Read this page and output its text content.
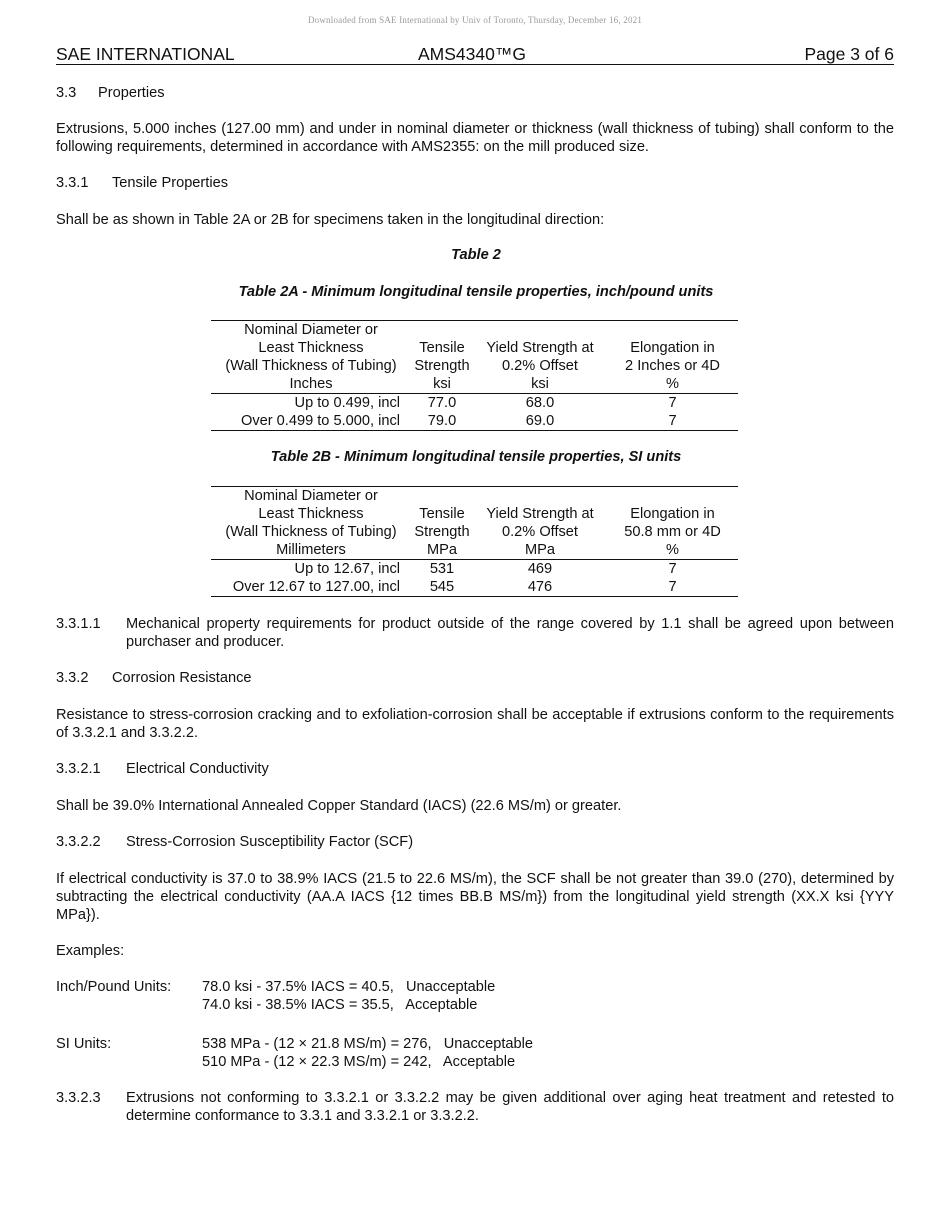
Downloaded from SAE International by Univ of Toronto, Thursday, December 16, 2021
SAE INTERNATIONAL	AMS4340™G	Page 3 of 6
3.3 Properties
Extrusions, 5.000 inches (127.00 mm) and under in nominal diameter or thickness (wall thickness of tubing) shall conform to the following requirements, determined in accordance with AMS2355: on the mill produced size.
3.3.1 Tensile Properties
Shall be as shown in Table 2A or 2B for specimens taken in the longitudinal direction:
Table 2
Table 2A - Minimum longitudinal tensile properties, inch/pound units
Nominal Diameter or			
Least Thickness	Tensile	Yield Strength at	Elongation in
(Wall Thickness of Tubing)	Strength	0.2% Offset	2 Inches or 4D
Inches	ksi	ksi	%
Up to 0.499, incl	77.0	68.0	7
Over 0.499 to 5.000, incl	79.0	69.0	7
Table 2B - Minimum longitudinal tensile properties, SI units
Nominal Diameter or			
Least Thickness	Tensile	Yield Strength at	Elongation in
(Wall Thickness of Tubing)	Strength	0.2% Offset	50.8 mm or 4D
Millimeters	MPa	MPa	%
Up to 12.67, incl	531	469	7
Over 12.67 to 127.00, incl	545	476	7
3.3.1.1	Mechanical property requirements for product outside of the range covered by 1.1 shall be agreed upon between purchaser and producer.
3.3.2 Corrosion Resistance
Resistance to stress-corrosion cracking and to exfoliation-corrosion shall be acceptable if extrusions conform to the requirements of 3.3.2.1 and 3.3.2.2.
3.3.2.1 Electrical Conductivity
Shall be 39.0% International Annealed Copper Standard (IACS) (22.6 MS/m) or greater.
3.3.2.2 Stress-Corrosion Susceptibility Factor (SCF)
If electrical conductivity is 37.0 to 38.9% IACS (21.5 to 22.6 MS/m), the SCF shall be not greater than 39.0 (270), determined by subtracting the electrical conductivity (AA.A IACS {12 times BB.B MS/m}) from the longitudinal yield strength (XX.X ksi {YYY MPa}).
Examples:
Inch/Pound Units:	78.0 ksi - 37.5% IACS = 40.5,   Unacceptable
74.0 ksi - 38.5% IACS = 35.5,   Acceptable
SI Units:	538 MPa - (12 × 21.8 MS/m) = 276,   Unacceptable
510 MPa - (12 × 22.3 MS/m) = 242,   Acceptable
3.3.2.3	Extrusions not conforming to 3.3.2.1 or 3.3.2.2 may be given additional over aging heat treatment and retested to determine conformance to 3.3.1 and 3.3.2.1 or 3.3.2.2.
